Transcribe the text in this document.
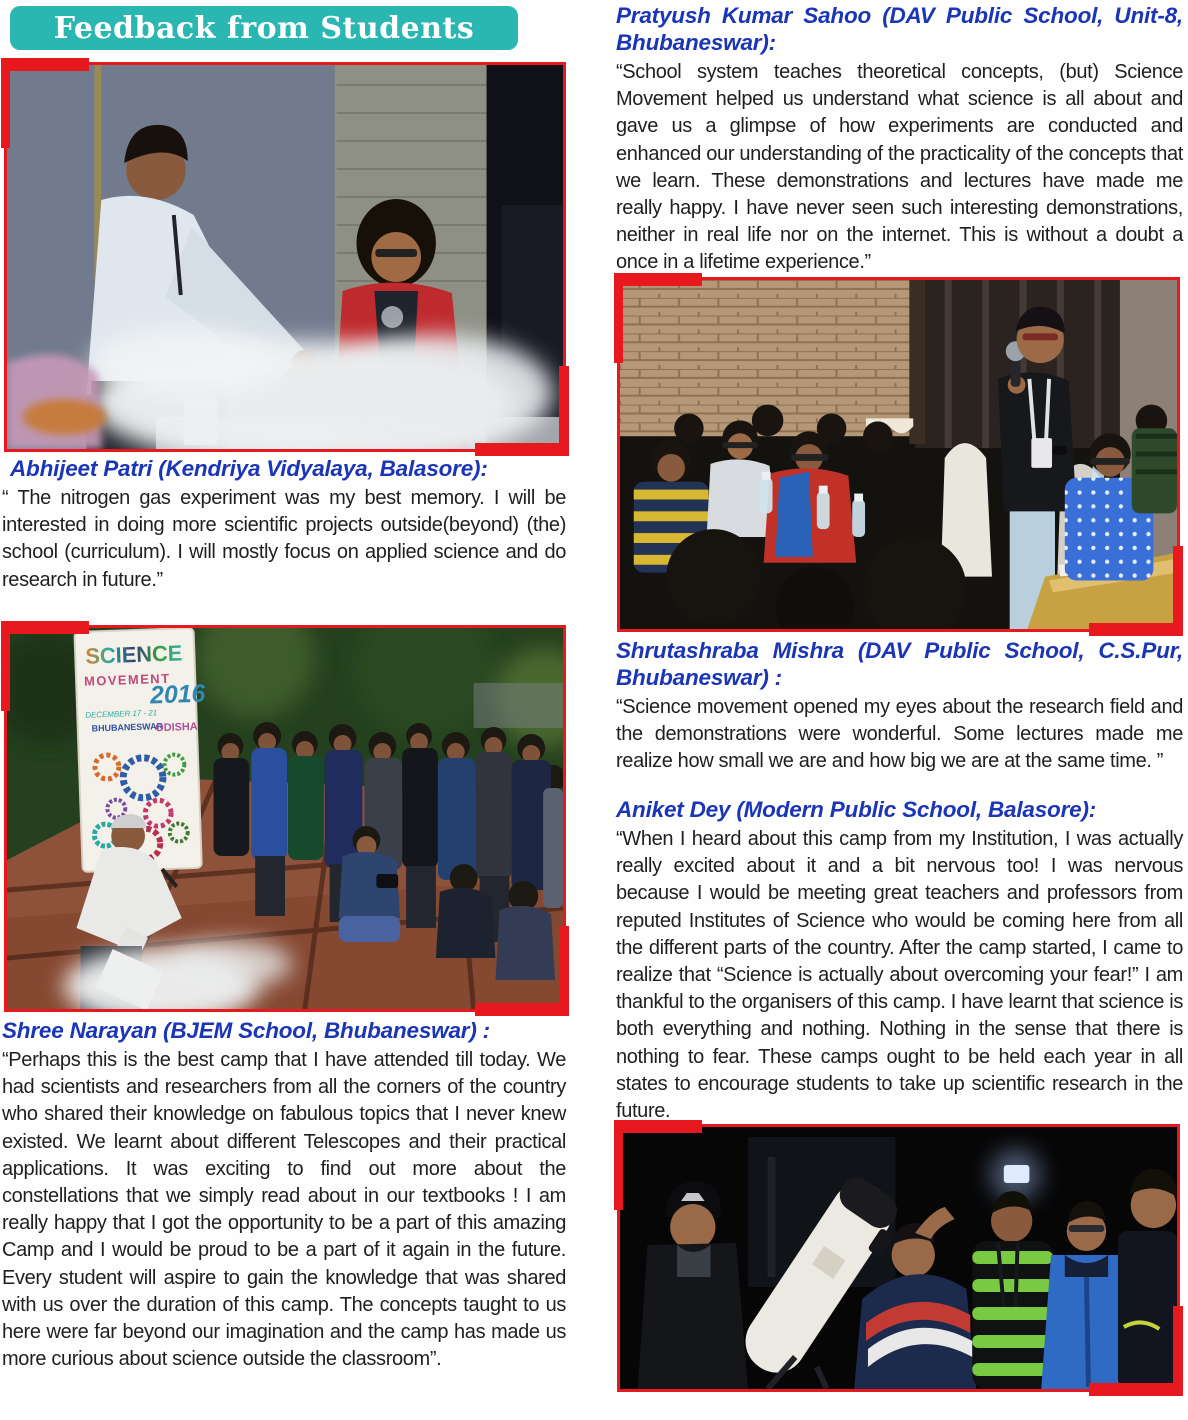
Feedback from Students
Abhijeet Patri (Kendriya Vidyalaya, Balasore):
“ The nitrogen gas experiment was my best memory. I will be interested in doing more scientific projects outside(beyond) (the) school (curriculum). I will mostly focus on applied science and do research in future.”
SCIENCE
MOVEMENT
2016
DECEMBER 17 - 21
BHUBANESWAR
ODISHA
Shree Narayan (BJEM School, Bhubaneswar) :
“Perhaps this is the best camp that I have attended till today. We had scientists and researchers from all the corners of the country who shared their knowledge on fabulous topics that I never knew existed. We learnt about different Telescopes and their practical applications. It was exciting to find out more about the constellations that we simply read about in our textbooks ! I am really happy that I got the opportunity to be a part of this amazing Camp and I would be proud to be a part of it again in the future. Every student will aspire to gain the knowledge that was shared with us over the duration of this camp. The concepts taught to us here were far beyond our imagination and the camp has made us more curious about science outside the classroom”.
Pratyush Kumar Sahoo (DAV Public School, Unit-8, Bhubaneswar):
“School system teaches theoretical concepts, (but) Science Movement helped us understand what science is all about and gave us a glimpse of how experiments are conducted and enhanced our understanding of the practicality of the concepts that we learn. These demonstrations and lectures have made me really happy. I have never seen such interesting demonstrations, neither in real life nor on the internet. This is without a doubt a once in a lifetime experience.”
Shrutashraba Mishra (DAV Public School, C.S.Pur, Bhubaneswar) :
“Science movement opened my eyes about the research field and the demonstrations were wonderful. Some lectures made me realize how small we are and how big we are at the same time. ”
Aniket Dey (Modern Public School, Balasore):
“When I heard about this camp from my Institution, I was actually really excited about it and a bit nervous too! I was nervous because I would be meeting great teachers and professors from reputed Institutes of Science who would be coming here from all the different parts of the country. After the camp started, I came to realize that “Science is actually about overcoming your fear!” I am thankful to the organisers of this camp. I have learnt that science is both everything and nothing. Nothing in the sense that there is nothing to fear. These camps ought to be held each year in all states to encourage students to take up scientific research in the future.
